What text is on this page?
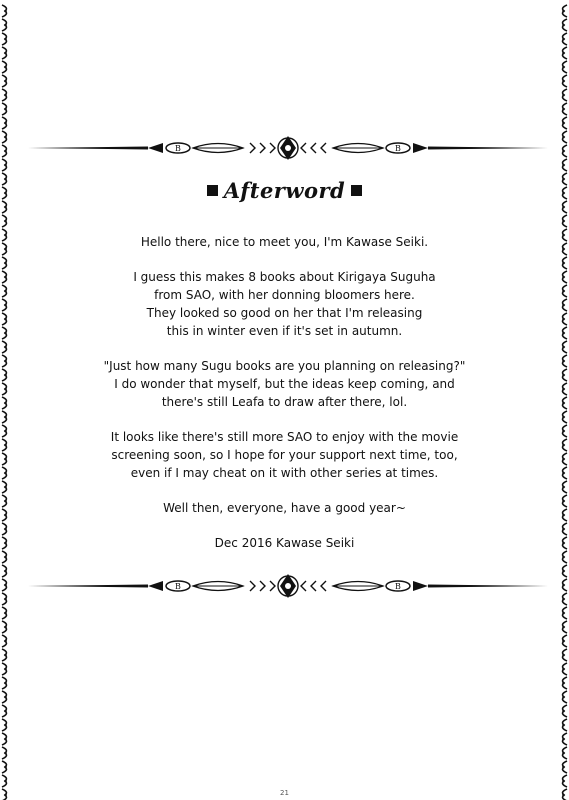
B	B
Afterword

Hello there, nice to meet you, I'm Kawase Seiki.

I guess this makes 8 books about Kirigaya Suguha
from SAO, with her donning bloomers here.
They looked so good on her that I'm releasing
this in winter even if it's set in autumn.

"Just how many Sugu books are you planning on releasing?"
I do wonder that myself, but the ideas keep coming, and
there's still Leafa to draw after there, lol.

It looks like there's still more SAO to enjoy with the movie
screening soon, so I hope for your support next time, too,
even if I may cheat on it with other series at times.

Well then, everyone, have a good year~

Dec 2016 Kawase Seiki

B	B
21
